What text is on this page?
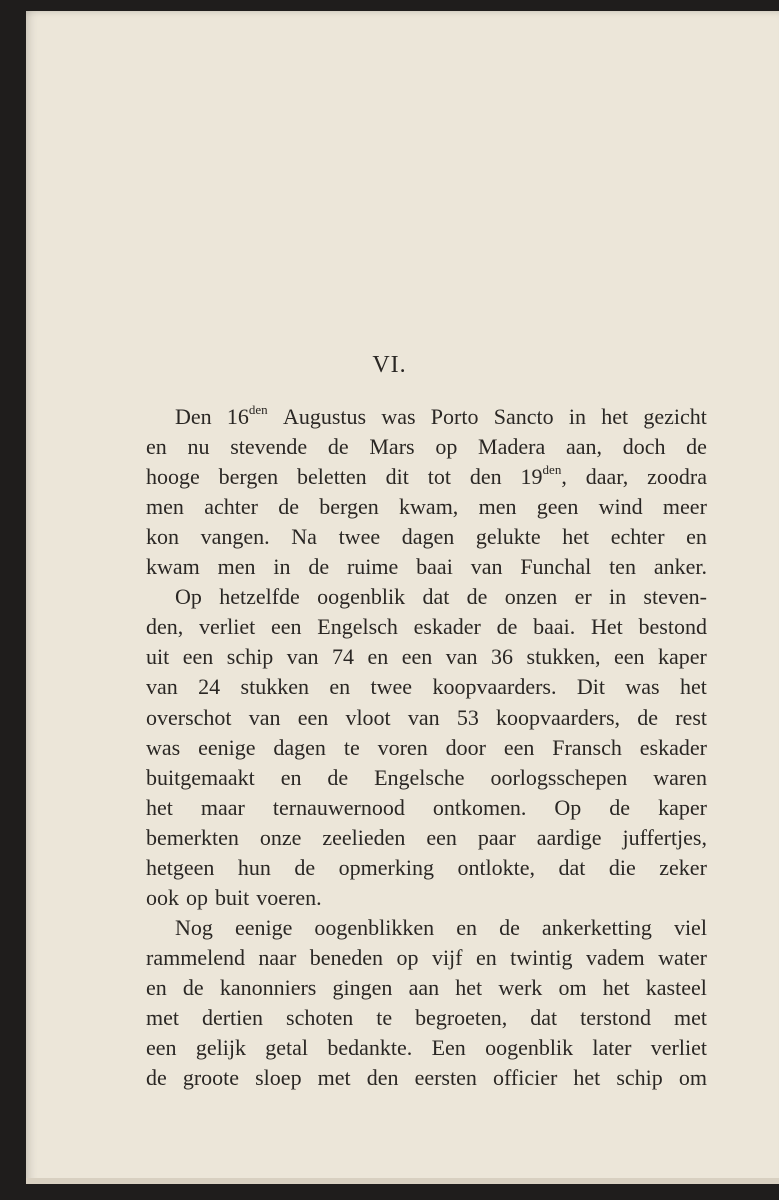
VI.
Den $16^{den}$ Augustus was Porto Sancto in het gezicht
en nu stevende de Mars op Madera aan, doch de
hooge bergen beletten dit tot den $19^{den}$, daar, zoodra
men achter de bergen kwam, men geen wind meer
kon vangen. Na twee dagen gelukte het echter en
kwam men in de ruime baai van Funchal ten anker.
Op hetzelfde oogenblik dat de onzen er in steven-
den, verliet een Engelsch eskader de baai. Het bestond
uit een schip van 74 en een van 36 stukken, een kaper
van 24 stukken en twee koopvaarders. Dit was het
overschot van een vloot van 53 koopvaarders, de rest
was eenige dagen te voren door een Fransch eskader
buitgemaakt en de Engelsche oorlogsschepen waren
het maar ternauwernood ontkomen. Op de kaper
bemerkten onze zeelieden een paar aardige juffertjes,
hetgeen hun de opmerking ontlokte, dat die zeker
ook op buit voeren.
Nog eenige oogenblikken en de ankerketting viel
rammelend naar beneden op vijf en twintig vadem water
en de kanonniers gingen aan het werk om het kasteel
met dertien schoten te begroeten, dat terstond met
een gelijk getal bedankte. Een oogenblik later verliet
de groote sloep met den eersten officier het schip om
